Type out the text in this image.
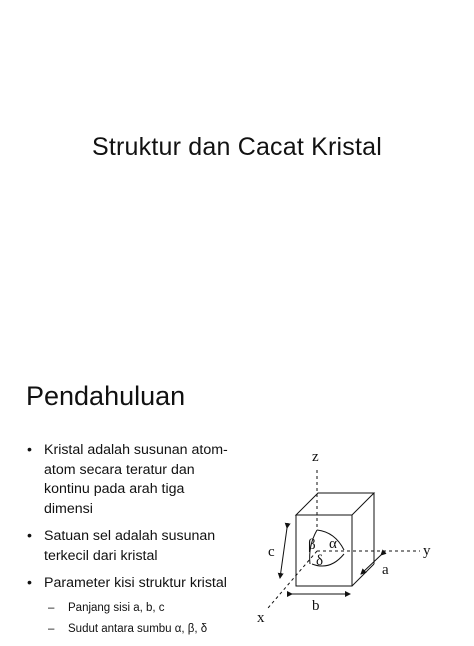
Struktur dan Cacat Kristal
Pendahuluan
• Kristal adalah susunan atom-atom secara teratur dan kontinu pada arah tiga dimensi
• Satuan sel adalah susunan terkecil dari kristal
• Parameter kisi struktur kristal
– Panjang sisi a, b, c
– Sudut antara sumbu α, β, δ
z
y
x
c
b
a
α
β
δ
